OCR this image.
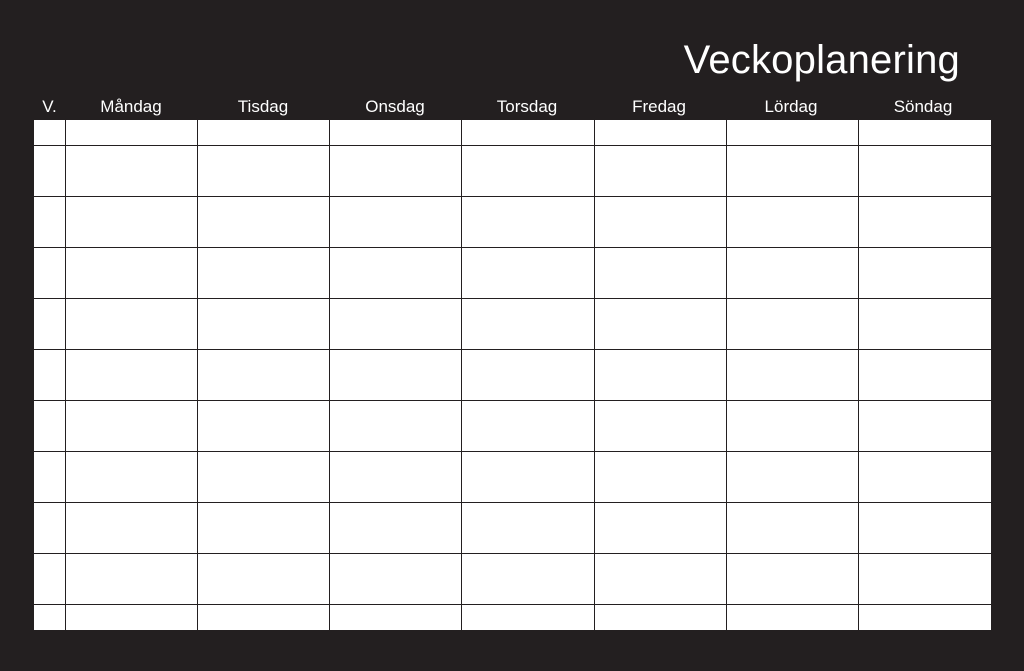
Veckoplanering
V.	Måndag	Tisdag	Onsdag	Torsdag	Fredag	Lördag	Söndag
